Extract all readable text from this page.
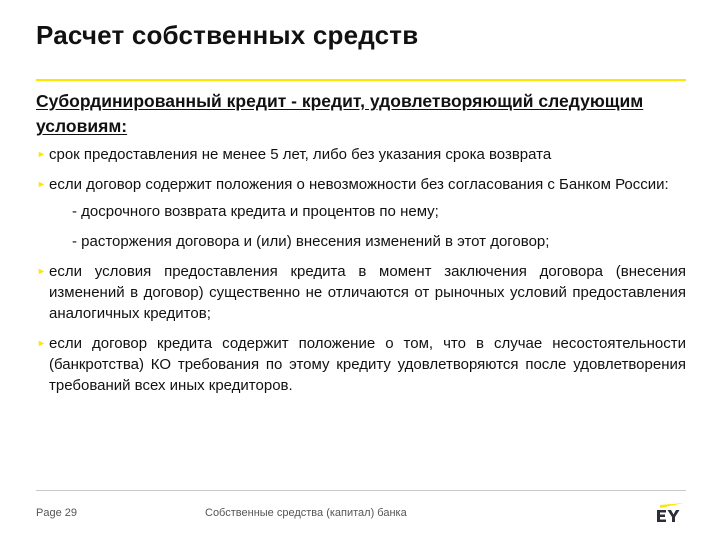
Расчет собственных средств
Субординированный кредит - кредит, удовлетворяющий следующим условиям:
► срок предоставления не менее 5 лет, либо без указания срока возврата
► если договор содержит положения о невозможности без согласования с Банком России:
- досрочного возврата кредита и процентов по нему;
- расторжения договора и (или) внесения изменений в этот договор;
► если условия предоставления кредита в момент заключения договора (внесения изменений в договор) существенно не отличаются от рыночных условий предоставления аналогичных кредитов;
► если договор кредита содержит положение о том, что в случае несостоятельности (банкротства) КО требования по этому кредиту удовлетворяются после удовлетворения требований всех иных кредиторов.
Page 29	Собственные средства (капитал) банка
